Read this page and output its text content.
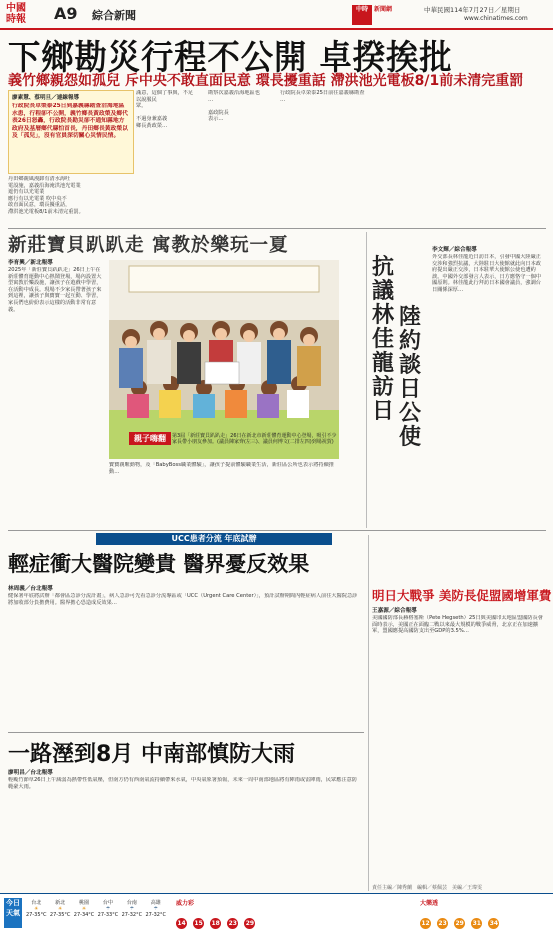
中國時報 A9 綜合新聞	中時	新聞網	中華民國114年7月27日／星期日
www.chinatimes.com
下鄉勘災行程不公開 卓揆挨批
義竹鄉親怨如孤兒 斥中央不敢直面民意 環長擾重話 滯洪池光電板8/1前未清完重罰
廖素慧、蔡明旦／連線報導
行政院長卓榮泰25日到嘉義縣勘查洽海地區水患，行程卻不公開，義竹鄉長黃政榮及鄉代表26日怒轟，行政院長勘災卻不通知縣地方政府及基層鄉代縣怕首長，丹田鄉長黃政榮以及「孤兒」，沒有官員深切關心災情民情。
丹田鄉親風漫卸有清水海吐
電設施，嘉義沿海淹洪池光電業
遮仍有以光電業
應行有以光電業 吹中央不
敢直面民意，環長擾重話，
滯洪池光電板8/1前未清完重罰。
滿意，這個了事與，不足
以說服民
眾。

不過身兼嘉義
鄉長黃政榮…
勘察次嘉義沿海地區也
…

嘉政院長
表示…
行政院長卓榮泰25日前往嘉義縣勘查
…
新莊寶貝趴趴走 寓教於樂玩一夏
李育興／新北報導
2025年「新莊寶貝趴趴走」26日上午在新莊體育運動中心熱鬧登場，場內設置大型寓教於樂設施，讓孩子在遊戲中學習，在活動中成長。現場不少家長帶著孩子來到這裡，讓孩子與寶寶一起互動、學習，家長們也紛紛表示這樣的活動非常有意義。
親子嗨翻	第3屆「新莊寶貝趴趴走」26日在新北市新莊體育運動中心登場，吸引不少家長帶小朋友參加。(議員陳家齊(左三)、議員何博文(二排左四)到場祝賀)
寶寶親暱動物，及「BabyBoss職業體驗」，讓孩子提前體驗職業生活，新莊區公所也表示將持續推動…
抗議林佳龍訪日
陸約談日公使
李文輝／綜合報導
外交部長林佳龍近日訪日本，引發中國大陸嚴正交涉和強烈抗議，大陸駐日大使館就此向日本政府提出嚴正交涉，日本駐華大使館公使也遭約談。中國外交部發言人表示，日方應恪守一個中國原則。林佳龍此行拜訪日本國會議員，強調台日關係深厚…
UCC患者分流 年底試辦
輕症衝大醫院變貴 醫界憂反效果
林周義／台北報導
健保署年底將試辦「都會區急診分流計畫」，病人急診可先看急診分流專區或「UCC（Urgent Care Center）」，預計試辦期間內輕症病人前往大醫院急診將加收部分負擔費用。醫界擔心恐造成反效果…	明日大戰爭 美防長促盟國增軍費
王嘉源／綜合報導
美國國防部長赫格塞斯（Pete Hegseth）25日與美國印太地區盟國防長會面時表示，美國正在面臨二戰以來最大規模的戰爭威脅，北京正在加速擴軍，盟國應提高國防支出至GDP的3.5%…
一路溼到8月 中南部慎防大雨
廖明昌／台北報導
輕颱竹節草26日上午減弱為熱帶性低氣壓，但南方仍有西南氣流持續帶來水氣，中央氣象署預報，未來一周中南部地區將有陣雨或雷陣雨，民眾應注意防範豪大雨。
今日天氣
台北
☀
27-35°C
新北
☀
27-35°C
桃園
☀
27-34°C
台中
☂
27-33°C
台南
☂
27-32°C
高雄
☂
27-32°C
威力彩
14 15 18 23 29
大樂透
12 23 29 31 34
責任主編／陳秀蘭　編輯／蔡佩芸　美編／王瑋雯
